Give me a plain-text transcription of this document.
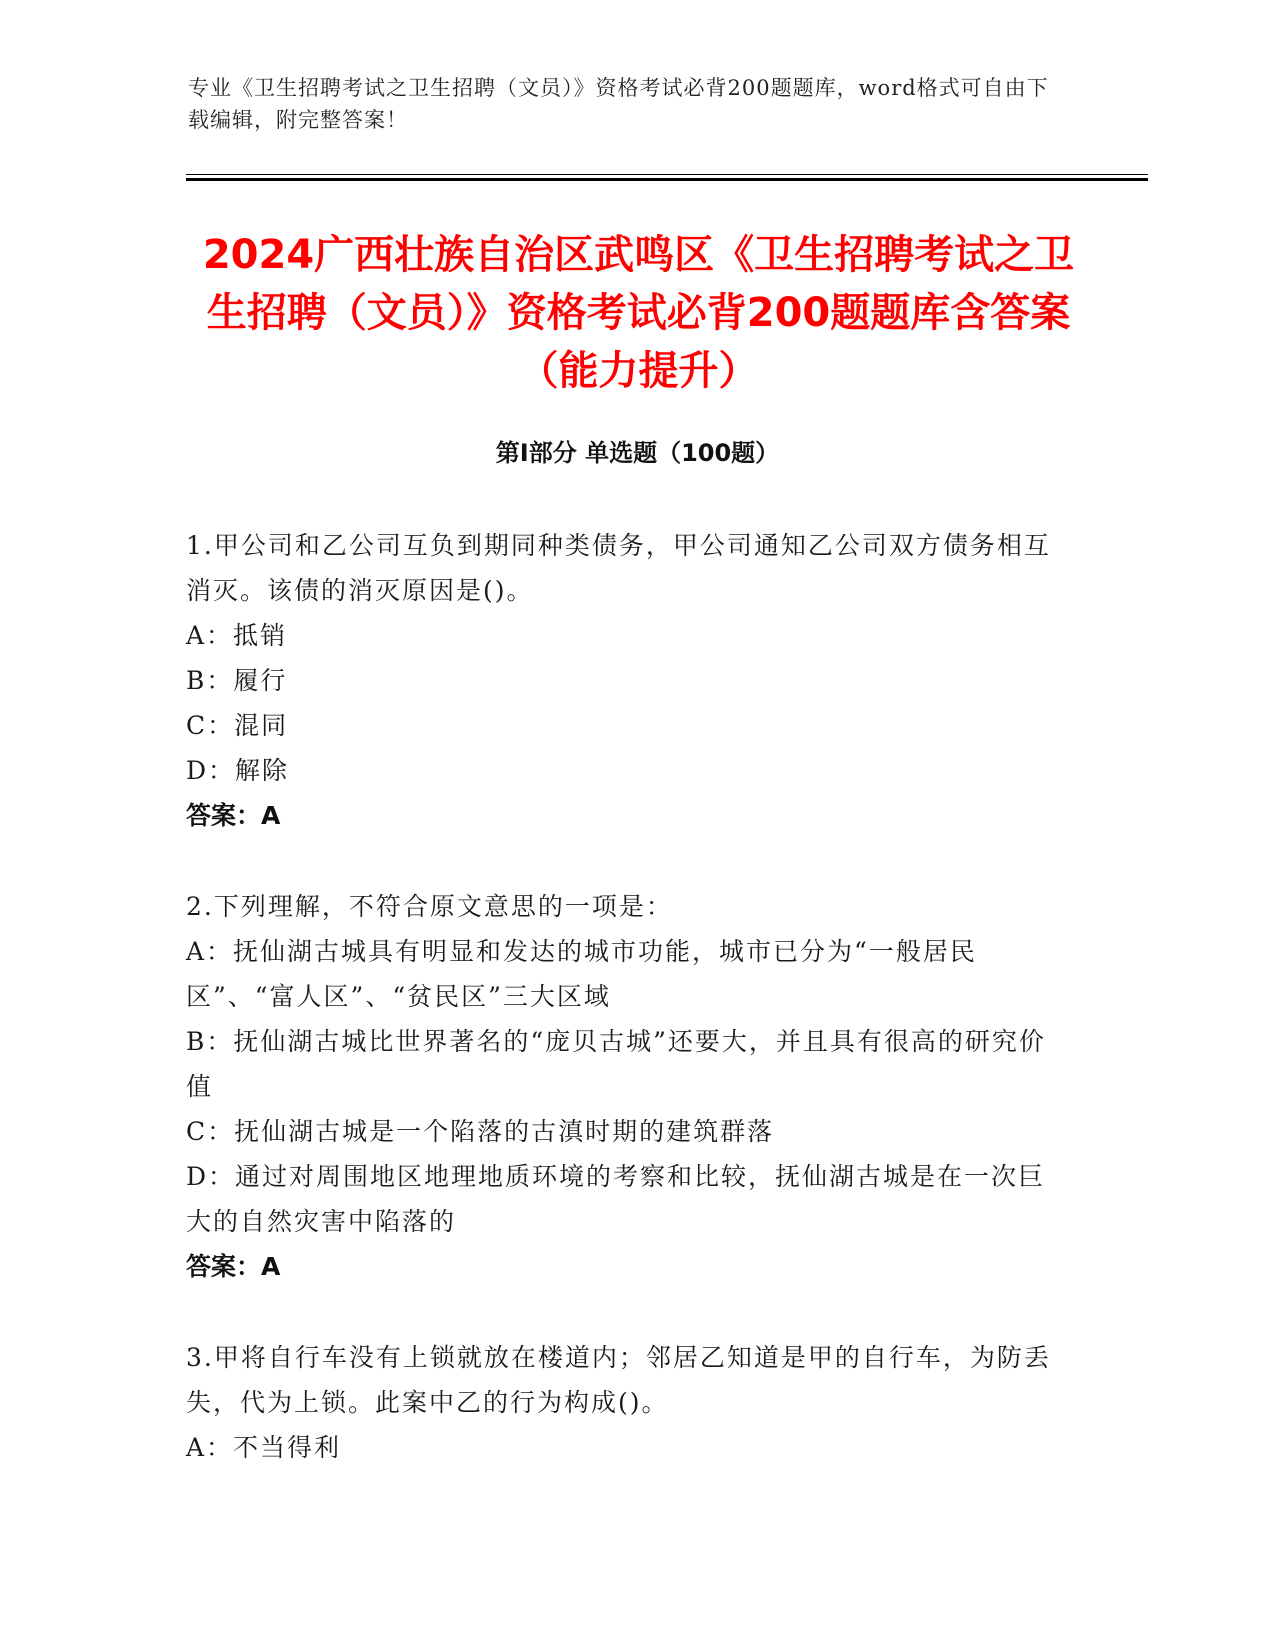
专业《卫生招聘考试之卫生招聘（文员）》资格考试必背200题题库，word格式可自由下载编辑，附完整答案！
2024广西壮族自治区武鸣区《卫生招聘考试之卫生招聘（文员）》资格考试必背200题题库含答案（能力提升）
第Ⅰ部分 单选题（100题）

1.甲公司和乙公司互负到期同种类债务，甲公司通知乙公司双方债务相互消灭。该债的消灭原因是()。

A：抵销

B：履行

C：混同

D：解除

答案：A

2.下列理解，不符合原文意思的一项是：

A：抚仙湖古城具有明显和发达的城市功能，城市已分为“一般居民区”、“富人区”、“贫民区”三大区域

B：抚仙湖古城比世界著名的“庞贝古城”还要大，并且具有很高的研究价值

C：抚仙湖古城是一个陷落的古滇时期的建筑群落

D：通过对周围地区地理地质环境的考察和比较，抚仙湖古城是在一次巨大的自然灾害中陷落的

答案：A

3.甲将自行车没有上锁就放在楼道内；邻居乙知道是甲的自行车，为防丢失，代为上锁。此案中乙的行为构成()。

A：不当得利
